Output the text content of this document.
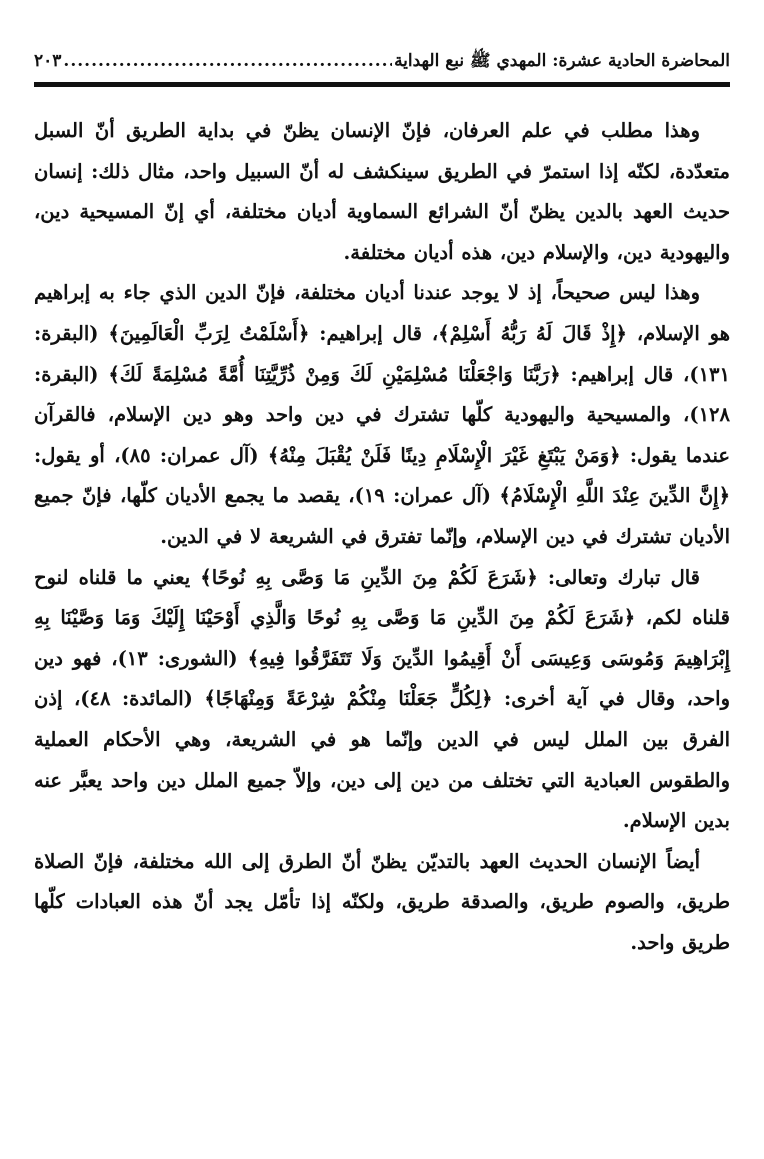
المحاضرة الحادية عشرة: المهدي ﷺ نبع الهداية
.....
٢٠٣

وهذا مطلب في علم العرفان، فإنّ الإنسان يظنّ في بداية الطريق أنّ السبل متعدّدة، لكنّه إذا استمرّ في الطريق سينكشف له أنّ السبيل واحد، مثال ذلك: إنسان حديث العهد بالدين يظنّ أنّ الشرائع السماوية أديان مختلفة، أي إنّ المسيحية دين، واليهودية دين، والإسلام دين، هذه أديان مختلفة.

وهذا ليس صحيحاً، إذ لا يوجد عندنا أديان مختلفة، فإنّ الدين الذي جاء به إبراهيم هو الإسلام، ﴿إِذْ قَالَ لَهُ رَبُّهُ أَسْلِمْ﴾، قال إبراهيم: ﴿أَسْلَمْتُ لِرَبِّ الْعَالَمِينَ﴾ (البقرة: ١٣١)، قال إبراهيم: ﴿رَبَّنَا وَاجْعَلْنَا مُسْلِمَيْنِ لَكَ وَمِنْ ذُرِّيَّتِنَا أُمَّةً مُسْلِمَةً لَكَ﴾ (البقرة: ١٢٨)، والمسيحية واليهودية كلّها تشترك في دين واحد وهو دين الإسلام، فالقرآن عندما يقول: ﴿وَمَنْ يَبْتَغِ غَيْرَ الْإِسْلَامِ دِينًا فَلَنْ يُقْبَلَ مِنْهُ﴾ (آل عمران: ٨٥)، أو يقول: ﴿إِنَّ الدِّينَ عِنْدَ اللَّهِ الْإِسْلَامُ﴾ (آل عمران: ١٩)، يقصد ما يجمع الأديان كلّها، فإنّ جميع الأديان تشترك في دين الإسلام، وإنّما تفترق في الشريعة لا في الدين.

قال تبارك وتعالى: ﴿شَرَعَ لَكُمْ مِنَ الدِّينِ مَا وَصَّى بِهِ نُوحًا﴾ يعني ما قلناه لنوح قلناه لكم، ﴿شَرَعَ لَكُمْ مِنَ الدِّينِ مَا وَصَّى بِهِ نُوحًا وَالَّذِي أَوْحَيْنَا إِلَيْكَ وَمَا وَصَّيْنَا بِهِ إِبْرَاهِيمَ وَمُوسَى وَعِيسَى أَنْ أَقِيمُوا الدِّينَ وَلَا تَتَفَرَّقُوا فِيهِ﴾ (الشورى: ١٣)، فهو دين واحد، وقال في آية أخرى: ﴿لِكُلٍّ جَعَلْنَا مِنْكُمْ شِرْعَةً وَمِنْهَاجًا﴾ (المائدة: ٤٨)، إذن الفرق بين الملل ليس في الدين وإنّما هو في الشريعة، وهي الأحكام العملية والطقوس العبادية التي تختلف من دين إلى دين، وإلاّ جميع الملل دين واحد يعبَّر عنه بدين الإسلام.

أيضاً الإنسان الحديث العهد بالتديّن يظنّ أنّ الطرق إلى الله مختلفة، فإنّ الصلاة طريق، والصوم طريق، والصدقة طريق، ولكنّه إذا تأمّل يجد أنّ هذه العبادات كلّها طريق واحد.
